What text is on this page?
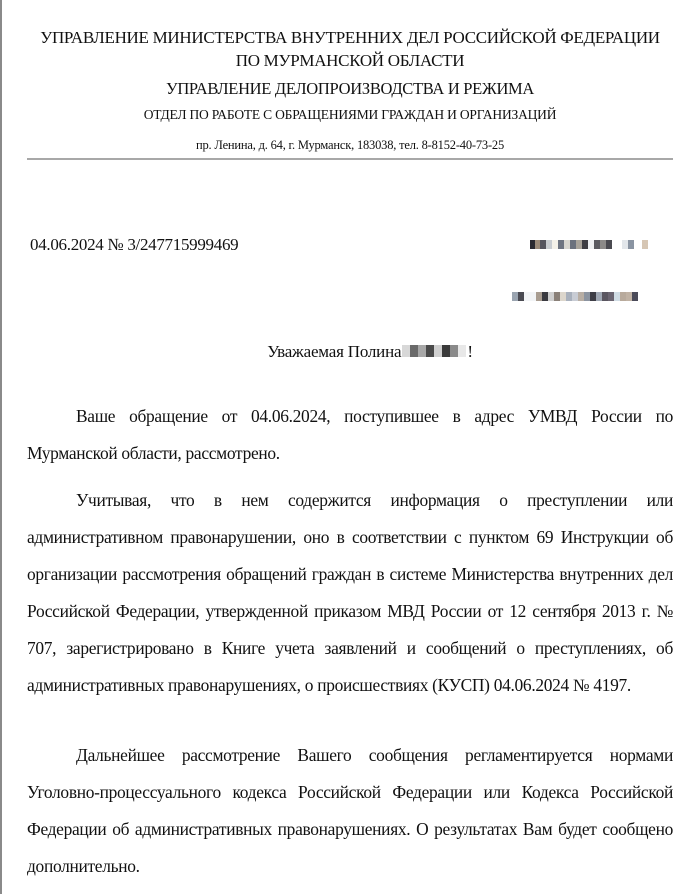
УПРАВЛЕНИЕ МИНИСТЕРСТВА ВНУТРЕННИХ ДЕЛ РОССИЙСКОЙ ФЕДЕРАЦИИ
ПО МУРМАНСКОЙ ОБЛАСТИ
УПРАВЛЕНИЕ ДЕЛОПРОИЗВОДСТВА И РЕЖИМА
ОТДЕЛ ПО РАБОТЕ С ОБРАЩЕНИЯМИ ГРАЖДАН И ОРГАНИЗАЦИЙ
пр. Ленина, д. 64, г. Мурманск, 183038, тел. 8-8152-40-73-25
04.06.2024 № 3/247715999469
Уважаемая Полина	!

Ваше обращение от 04.06.2024, поступившее в адрес УМВД России по Мурманской области, рассмотрено.

Учитывая, что в нем содержится информация о преступлении или административном правонарушении, оно в соответствии с пунктом 69 Инструкции об организации рассмотрения обращений граждан в системе Министерства внутренних дел Российской Федерации, утвержденной приказом МВД России от 12 сентября 2013 г. № 707, зарегистрировано в Книге учета заявлений и сообщений о преступлениях, об административных правонарушениях, о происшествиях (КУСП) 04.06.2024 № 4197.

Дальнейшее рассмотрение Вашего сообщения регламентируется нормами Уголовно-процессуального кодекса Российской Федерации или Кодекса Российской Федерации об административных правонарушениях. О результатах Вам будет сообщено дополнительно.
